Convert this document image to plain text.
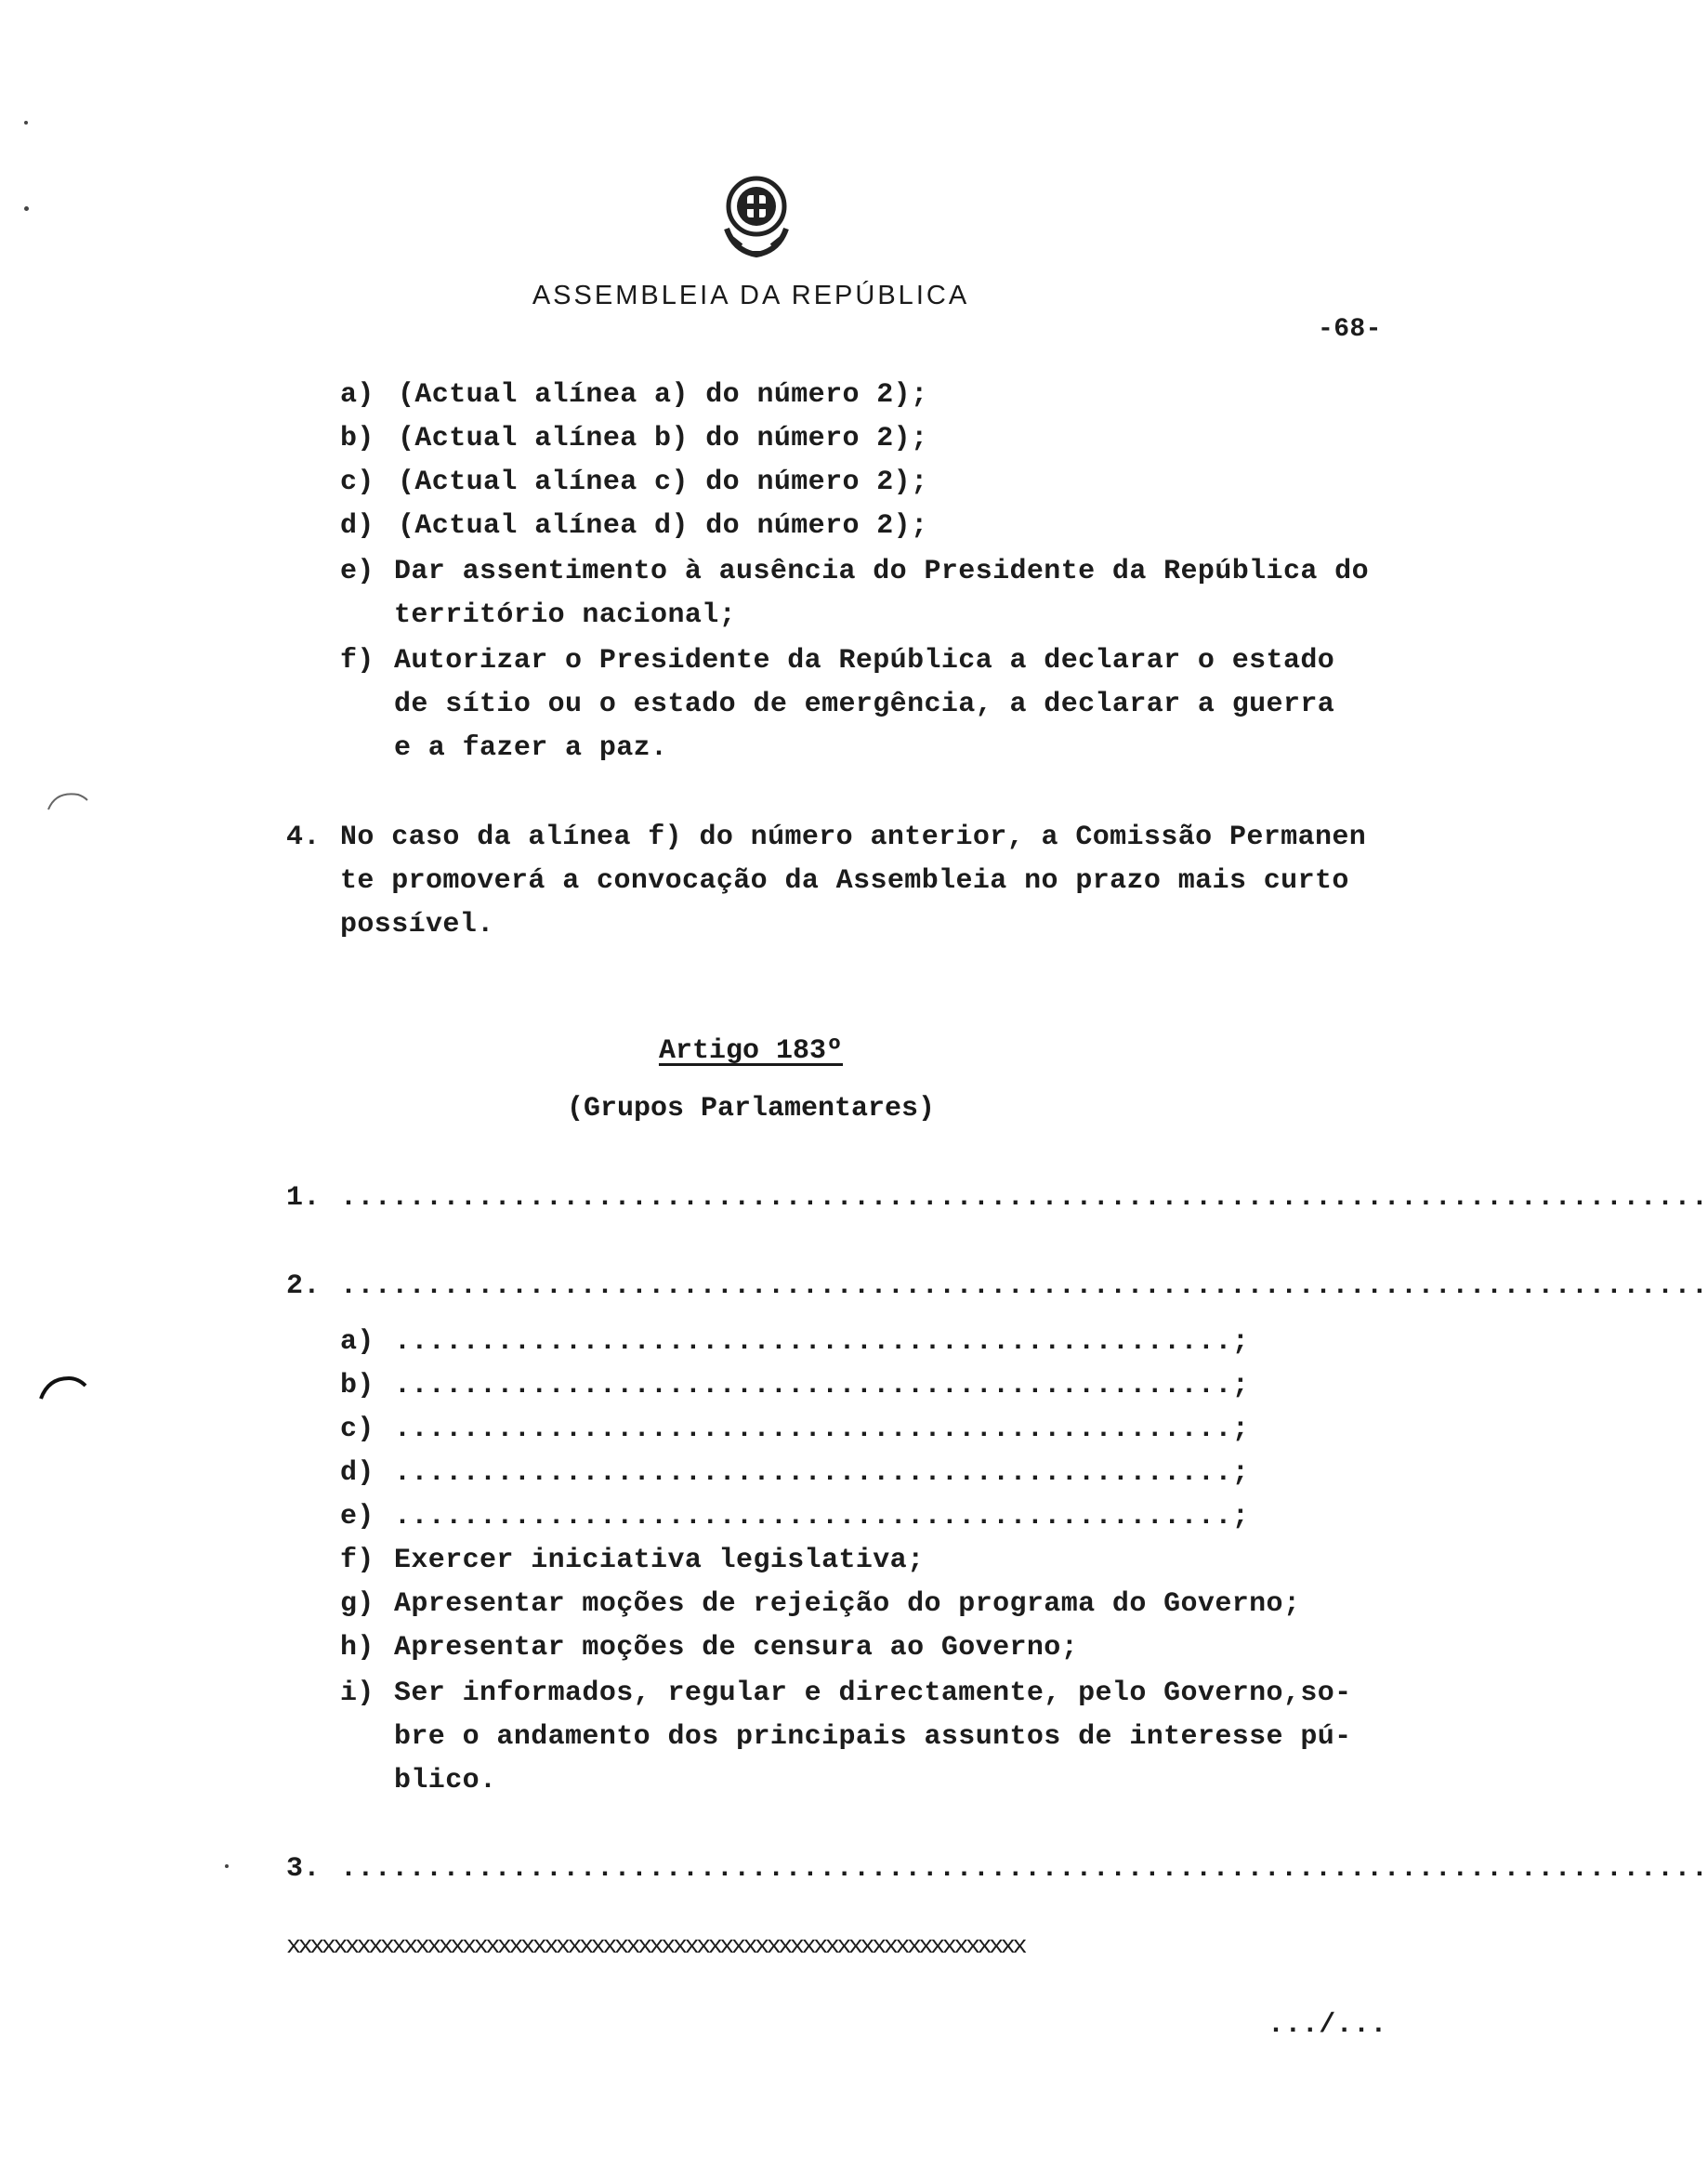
ASSEMBLEIA DA REPÚBLICA
-68-
a) (Actual alínea a) do número 2);
b) (Actual alínea b) do número 2);
c) (Actual alínea c) do número 2);
d) (Actual alínea d) do número 2);
e) Dar assentimento à ausência do Presidente da República do
território nacional;
f) Autorizar o Presidente da República a declarar o estado
de sítio ou o estado de emergência, a declarar a guerra
e a fazer a paz.
4. No caso da alínea f) do número anterior, a Comissão Permanen
te promoverá a convocação da Assembleia no prazo mais curto
possível.
Artigo 183º
(Grupos Parlamentares)
1. ................................................................................
2. ................................................................................
a) .................................................;
b) .................................................;
c) .................................................;
d) .................................................;
e) .................................................;
f) Exercer iniciativa legislativa;
g) Apresentar moções de rejeição do programa do Governo;
h) Apresentar moções de censura ao Governo;
i) Ser informados, regular e directamente, pelo Governo,so-
bre o andamento dos principais assuntos de interesse pú-
blico.
3. ................................................................................
xxxxxxxxxxxxxxxxxxxxxxxxxxxxxxxxxxxxxxxxxxxxxxxxxxxxxxxxxxxxxxx
.../...
